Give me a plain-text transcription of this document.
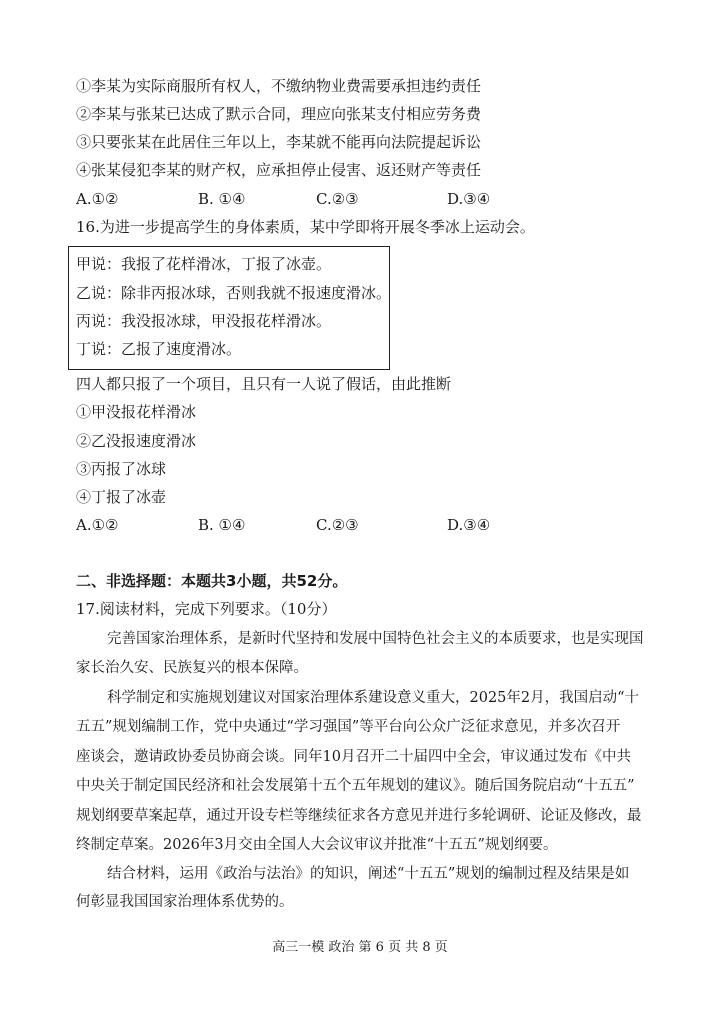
①李某为实际商服所有权人，不缴纳物业费需要承担违约责任
②李某与张某已达成了默示合同，理应向张某支付相应劳务费
③只要张某在此居住三年以上，李某就不能再向法院提起诉讼
④张某侵犯李某的财产权，应承担停止侵害、返还财产等责任
A.①②	B. ①④	C.②③	D.③④
16.为进一步提高学生的身体素质，某中学即将开展冬季冰上运动会。
甲说：我报了花样滑冰，丁报了冰壶。
乙说：除非丙报冰球，否则我就不报速度滑冰。
丙说：我没报冰球，甲没报花样滑冰。
丁说：乙报了速度滑冰。
四人都只报了一个项目，且只有一人说了假话，由此推断
①甲没报花样滑冰
②乙没报速度滑冰
③丙报了冰球
④丁报了冰壶
A.①②	B. ①④	C.②③	D.③④
二、非选择题：本题共3小题，共52分。
17.阅读材料，完成下列要求。（10分）
完善国家治理体系，是新时代坚持和发展中国特色社会主义的本质要求，也是实现国
家长治久安、民族复兴的根本保障。
科学制定和实施规划建议对国家治理体系建设意义重大，2025年2月，我国启动“十
五五”规划编制工作，党中央通过“学习强国”等平台向公众广泛征求意见，并多次召开
座谈会，邀请政协委员协商会谈。同年10月召开二十届四中全会，审议通过发布《中共
中央关于制定国民经济和社会发展第十五个五年规划的建议》。随后国务院启动“十五五”
规划纲要草案起草，通过开设专栏等继续征求各方意见并进行多轮调研、论证及修改，最
终制定草案。2026年3月交由全国人大会议审议并批准“十五五”规划纲要。
结合材料，运用《政治与法治》的知识，阐述“十五五”规划的编制过程及结果是如
何彰显我国国家治理体系优势的。
高三一模 政治 第 6 页 共 8 页
